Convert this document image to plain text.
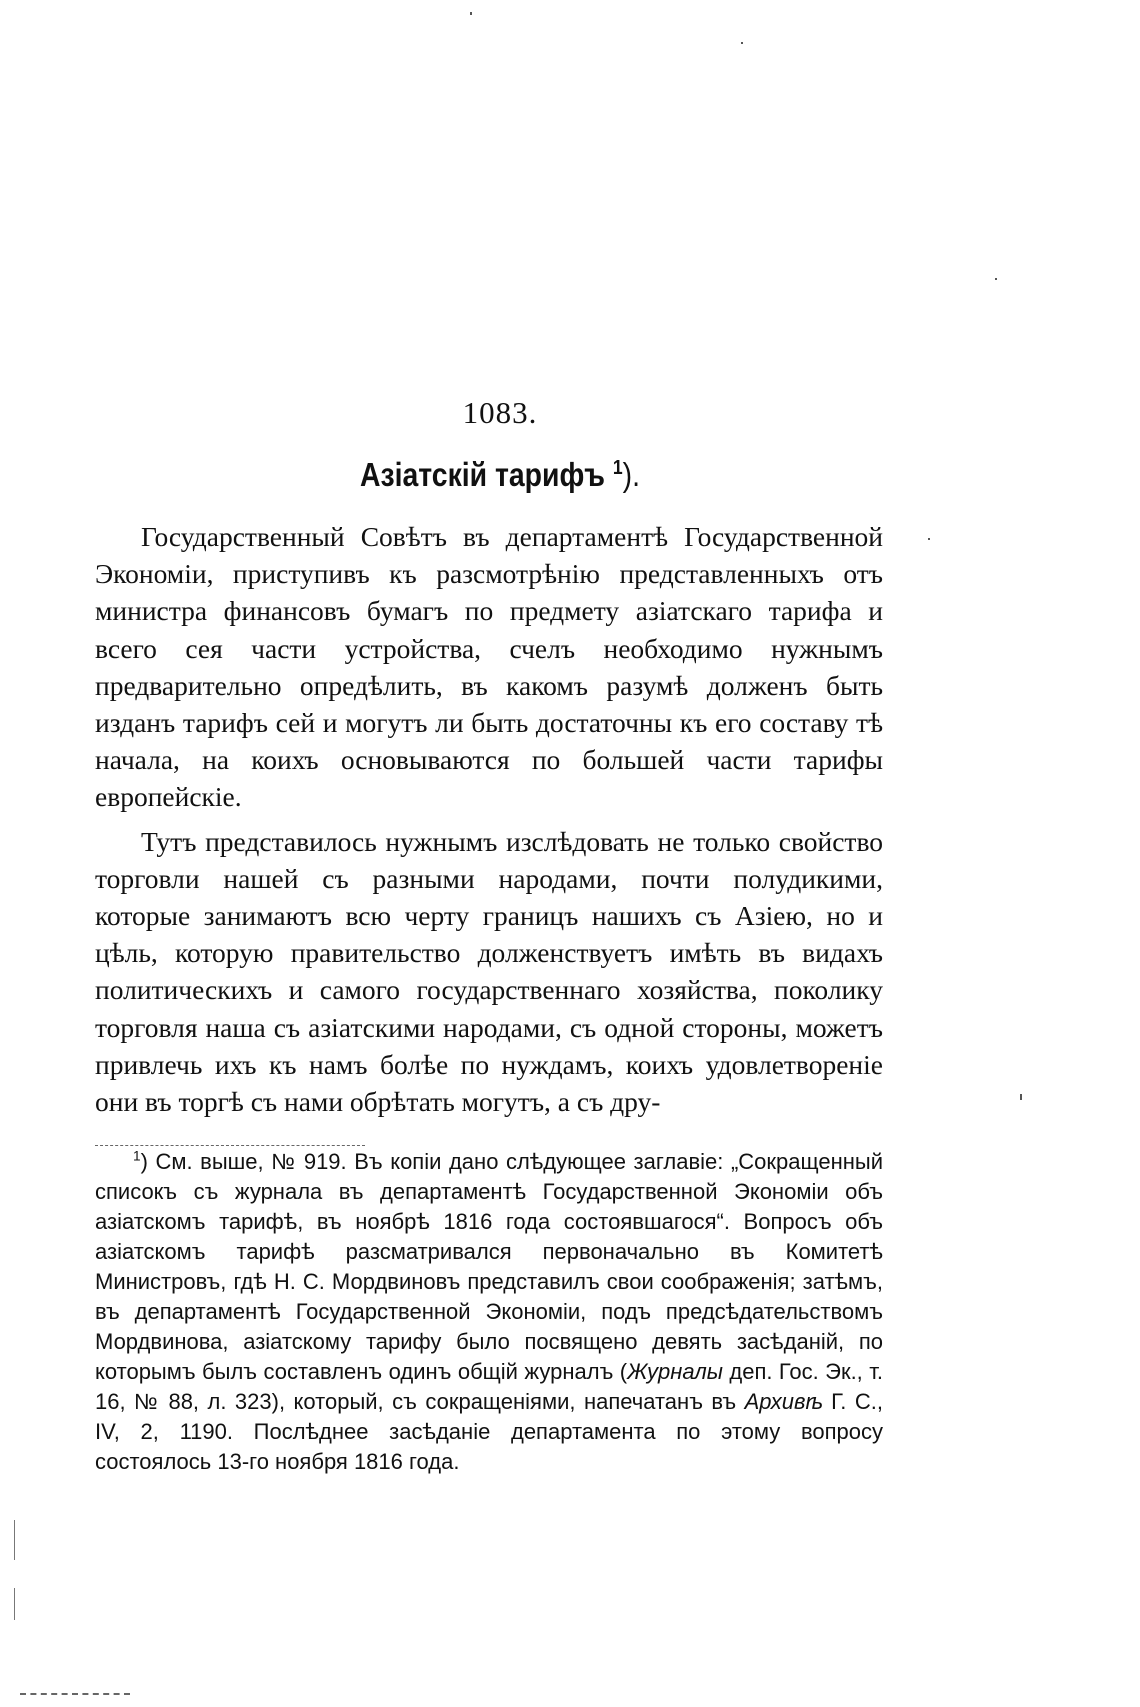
1083.
Азіатскій тарифъ $^1$).

Государственный Совѣтъ въ департаментѣ Государственной Экономіи, приступивъ къ разсмотрѣнію представленныхъ отъ министра финансовъ бумагъ по предмету азіатскаго тарифа и всего сея части устройства, счелъ необходимо нужнымъ предварительно опредѣлить, въ какомъ разумѣ долженъ быть изданъ тарифъ сей и могутъ ли быть достаточны къ его составу тѣ начала, на коихъ основываются по большей части тарифы европейскіе.

Тутъ представилось нужнымъ изслѣдовать не только свойство торговли нашей съ разными народами, почти полудикими, которые занимаютъ всю черту границъ нашихъ съ Азіею, но и цѣль, которую правительство долженствуетъ имѣть въ видахъ политическихъ и самого государственнаго хозяйства, поколику торговля наша съ азіатскими народами, съ одной стороны, можетъ привлечь ихъ къ намъ болѣе по нуждамъ, коихъ удовлетвореніе они въ торгѣ съ нами обрѣтать могутъ, а съ дру-

$^1$) См. выше, № 919. Въ копіи дано слѣдующее заглавіе: „Сокращенный списокъ съ журнала въ департаментѣ Государственной Экономіи объ азіатскомъ тарифѣ, въ ноябрѣ 1816 года состоявшагося“. Вопросъ объ азіатскомъ тарифѣ разсматривался первоначально въ Комитетѣ Министровъ, гдѣ Н. С. Мордвиновъ представилъ свои соображенія; затѣмъ, въ департаментѣ Государственной Экономіи, подъ предсѣдательствомъ Мордвинова, азіатскому тарифу было посвящено девять засѣданій, по которымъ былъ составленъ одинъ общій журналъ (Журналы деп. Гос. Эк., т. 16, № 88, л. 323), который, съ сокращеніями, напечатанъ въ Архивѣ Г. С., IV, 2, 1190. Послѣднее засѣданіе департамента по этому вопросу состоялось 13-го ноября 1816 года.
